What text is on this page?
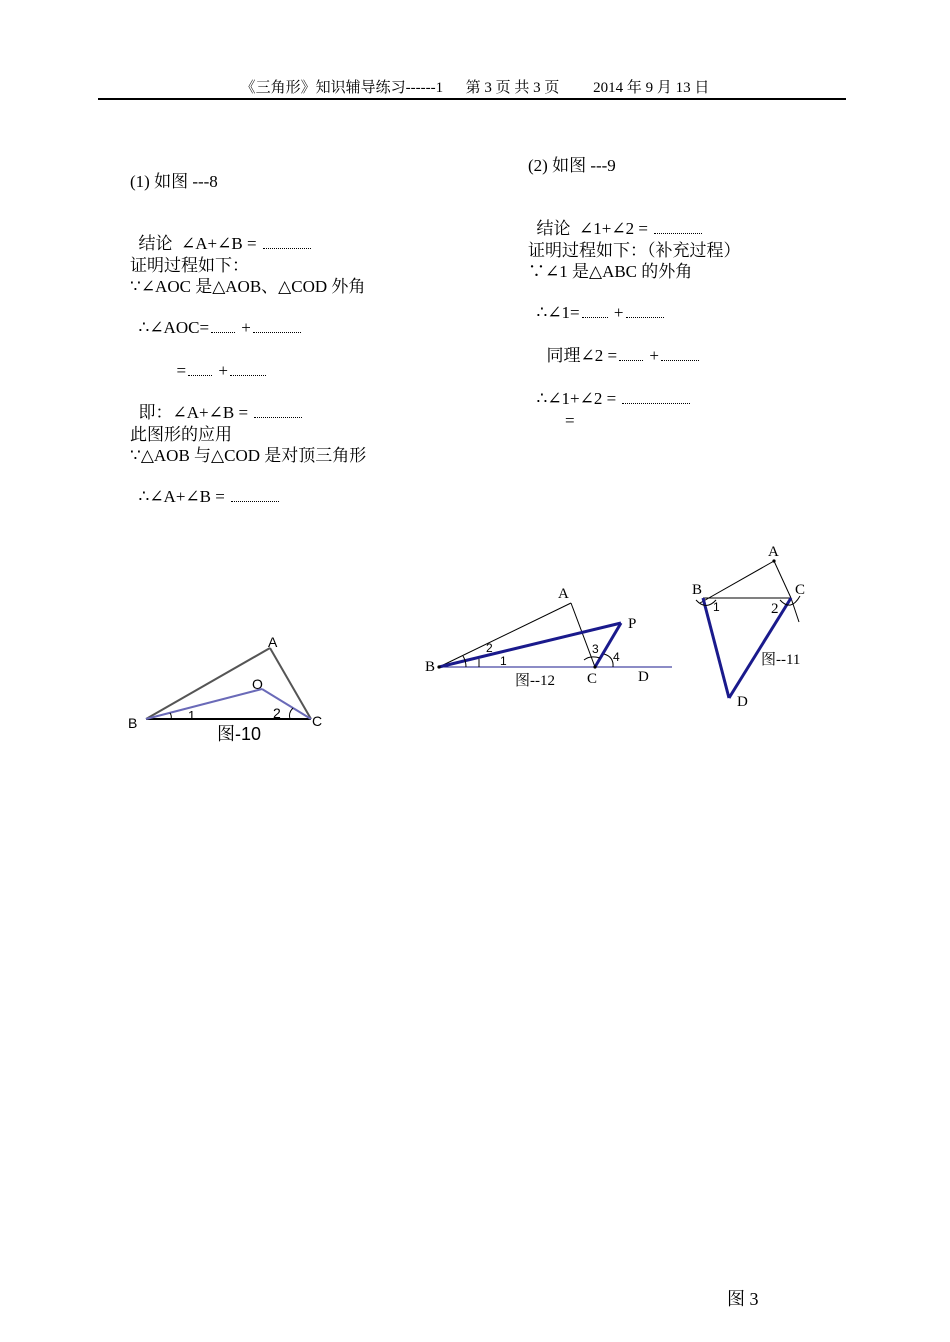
《三角形》知识辅导练习------1      第 3 页 共 3 页         2014 年 9 月 13 日
(1) 如图 ---8

结论  ∠A+∠B =

证明过程如下：
∵∠AOC 是△AOB、△COD 外角

∴∠AOC= +

= +

即：∠A+∠B =

此图形的应用
∵△AOB 与△COD 是对顶三角形

∴∠A+∠B =

(2) 如图 ---9

结论  ∠1+∠2 =

证明过程如下：（补充过程）
∵∠1 是△ABC 的外角

∴∠1= +

同理∠2 = +

∴∠1+∠2 =

=
A
B	C
O
1	2
图-10
A
B
C	D
P
1
2	3
4
图--12
A
B	C
D
1	2
图--11
图 3
